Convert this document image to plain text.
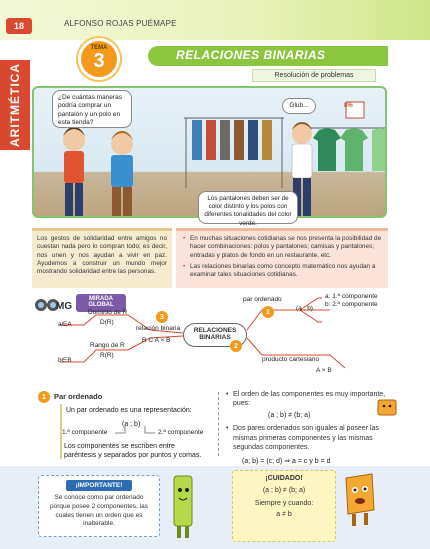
18	ALFONSO ROJAS PUÉMAPE
ARITMÉTICA
TEMA
3	RELACIONES BINARIAS
Resolución de problemas
8%
¿De cuántas maneras podría comprar un pantalón y un polo en esta tienda?
Glub...
Los pantalones deben ser de color distinto y los polos con diferentes tonalidades del color verde.
Los gestos de solidaridad entre amigos no cuestan nada pero lo compran todo; es decir, nos unen y nos ayudan a vivir en paz. Ayudemos a construir un mundo mejor mostrando solidaridad entre las personas.
• En muchas situaciones cotidianas se nos presenta la posibilidad de hacer combinaciones: polos y pantalones; camisas y pantalones; entradas y platos de fondo en un restaurante, etc.
• Las relaciones binarias como concepto matemático nos ayudan a examinar tales situaciones cotidianas.
MG
MIRADA
GLOBAL
Dominio de R
D(R)
a∈A
Rango de R
R(R)
b∈B
3
relación binaria
R C A × B
RELACIONES
BINARIAS
par ordenado
1	(a ; b)
a: 1.ª componente
b: 2.ª componente
2
producto cartesiano
A × B
1	Par ordenado
Un par ordenado es una representación:
(a ; b)
1.ª componente	2.ª componente
Los componentes se escriben entre paréntesis y separados por puntos y comas.
• El orden de las componentes es muy importante, pues:
(a ; b) ≠ (b; a)
• Dos pares ordenados son iguales al poseer las mismas primeras componentes y las mismas segundas componentes.
(a; b) = (c; d) ⇒ a = c y b = d
¡IMPORTANTE!
Se conoce como par ordenado porque posee 2 componentes, las cuales tienen un orden que es inalterable.
¡CUIDADO!
(a ; b) ≠ (b; a)
Siempre y cuando:
a ≠ b
